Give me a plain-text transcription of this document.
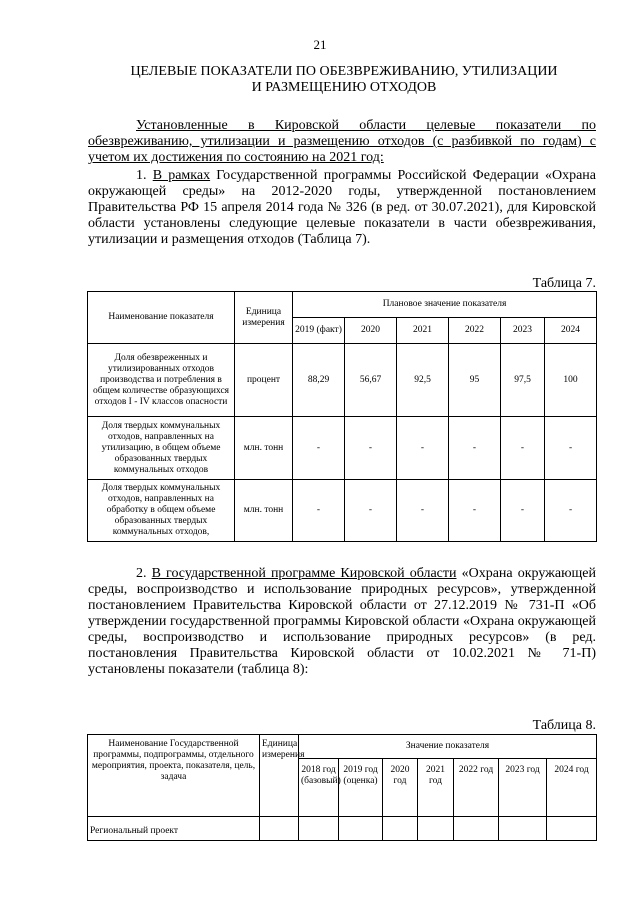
21
ЦЕЛЕВЫЕ ПОКАЗАТЕЛИ ПО ОБЕЗВРЕЖИВАНИЮ, УТИЛИЗАЦИИ
И РАЗМЕЩЕНИЮ ОТХОДОВ

Установленные в Кировской области целевые показатели по обезвреживанию, утилизации и размещению отходов (с разбивкой по годам) с учетом их достижения по состоянию на 2021 год:

1. В рамках Государственной программы Российской Федерации «Охрана окружающей среды» на 2012-2020 годы, утвержденной постановлением Правительства РФ 15 апреля 2014 года № 326 (в ред. от 30.07.2021), для Кировской области установлены следующие целевые показатели в части обезвреживания, утилизации и размещения отходов (Таблица 7).

Таблица 7.
Наименование показателя	Единица измерения	Плановое значение показателя					
		2019 (факт)	2020	2021	2022	2023	2024
Доля обезвреженных и утилизированных отходов производства и потребления в общем количестве образующихся отходов I - IV классов опасности	процент	88,29	56,67	92,5	95	97,5	100
Доля твердых коммунальных отходов, направленных на утилизацию, в общем объеме образованных твердых коммунальных отходов	млн. тонн	-	-	-	-	-	-
Доля твердых коммунальных отходов, направленных на обработку в общем объеме образованных твердых коммунальных отходов,	млн. тонн	-	-	-	-	-	-

2. В государственной программе Кировской области «Охрана окружающей среды, воспроизводство и использование природных ресурсов», утвержденной постановлением Правительства Кировской области от 27.12.2019 № 731-П «Об утверждении государственной программы Кировской области «Охрана окружающей среды, воспроизводство и использование природных ресурсов» (в ред. постановления Правительства Кировской области от 10.02.2021 № 71-П) установлены показатели (таблица 8):

Таблица 8.
Наименование Государственной программы, подпрограммы, отдельного мероприятия, проекта, показателя, цель, задача	Единица измерения	Значение показателя						
		2018 год (базовый)	2019 год (оценка)	2020 год	2021 год	2022 год	2023 год	2024 год
Региональный проект								
